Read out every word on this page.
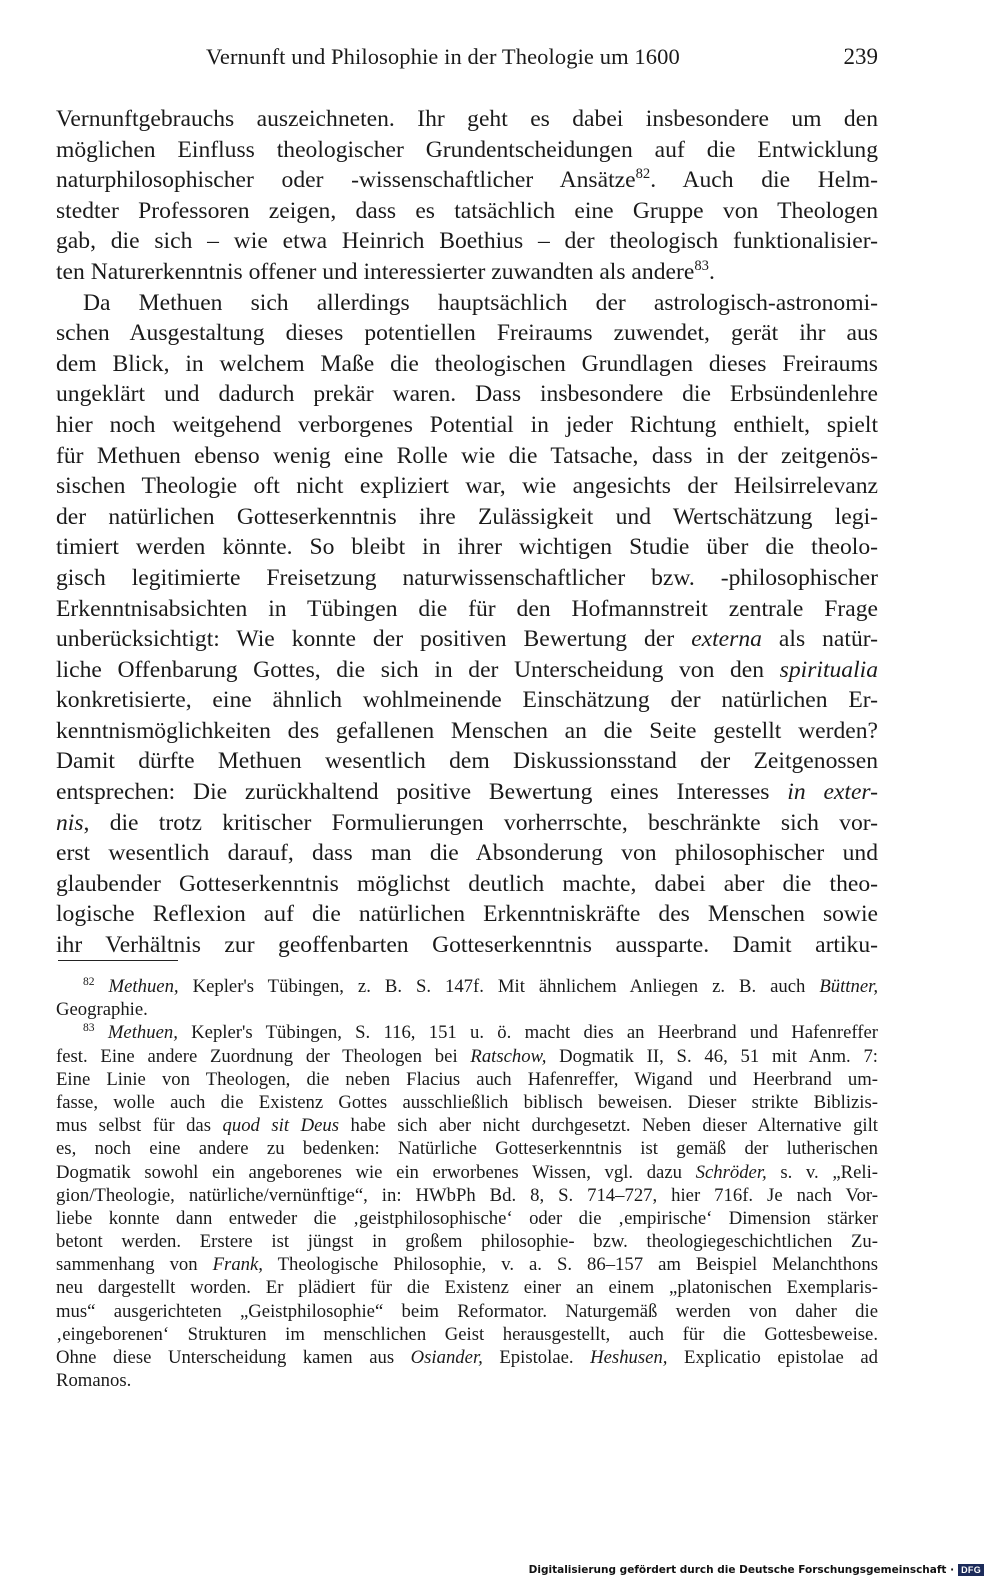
Vernunft und Philosophie in der Theologie um 1600	239
Vernunftgebrauchs auszeichneten. Ihr geht es dabei insbesondere um den
möglichen Einfluss theologischer Grundentscheidungen auf die Entwicklung
naturphilosophischer oder -wissenschaftlicher Ansätze$^{82}$. Auch die Helm-
stedter Professoren zeigen, dass es tatsächlich eine Gruppe von Theologen
gab, die sich – wie etwa Heinrich Boethius – der theologisch funktionalisier-
ten Naturerkenntnis offener und interessierter zuwandten als andere$^{83}$.
Da Methuen sich allerdings hauptsächlich der astrologisch-astronomi-
schen Ausgestaltung dieses potentiellen Freiraums zuwendet, gerät ihr aus
dem Blick, in welchem Maße die theologischen Grundlagen dieses Freiraums
ungeklärt und dadurch prekär waren. Dass insbesondere die Erbsündenlehre
hier noch weitgehend verborgenes Potential in jeder Richtung enthielt, spielt
für Methuen ebenso wenig eine Rolle wie die Tatsache, dass in der zeitgenös-
sischen Theologie oft nicht expliziert war, wie angesichts der Heilsirrelevanz
der natürlichen Gotteserkenntnis ihre Zulässigkeit und Wertschätzung legi-
timiert werden könnte. So bleibt in ihrer wichtigen Studie über die theolo-
gisch legitimierte Freisetzung naturwissenschaftlicher bzw. -philosophischer
Erkenntnisabsichten in Tübingen die für den Hofmannstreit zentrale Frage
unberücksichtigt: Wie konnte der positiven Bewertung der externa als natür-
liche Offenbarung Gottes, die sich in der Unterscheidung von den spiritualia
konkretisierte, eine ähnlich wohlmeinende Einschätzung der natürlichen Er-
kenntnismöglichkeiten des gefallenen Menschen an die Seite gestellt werden?
Damit dürfte Methuen wesentlich dem Diskussionsstand der Zeitgenossen
entsprechen: Die zurückhaltend positive Bewertung eines Interesses in exter-
nis, die trotz kritischer Formulierungen vorherrschte, beschränkte sich vor-
erst wesentlich darauf, dass man die Absonderung von philosophischer und
glaubender Gotteserkenntnis möglichst deutlich machte, dabei aber die theo-
logische Reflexion auf die natürlichen Erkenntniskräfte des Menschen sowie
ihr Verhältnis zur geoffenbarten Gotteserkenntnis aussparte. Damit artiku-
$^{82}$ Methuen, Kepler's Tübingen, z. B. S. 147f. Mit ähnlichem Anliegen z. B. auch Büttner,
Geographie.
$^{83}$ Methuen, Kepler's Tübingen, S. 116, 151 u. ö. macht dies an Heerbrand und Hafenreffer
fest. Eine andere Zuordnung der Theologen bei Ratschow, Dogmatik II, S. 46, 51 mit Anm. 7:
Eine Linie von Theologen, die neben Flacius auch Hafenreffer, Wigand und Heerbrand um-
fasse, wolle auch die Existenz Gottes ausschließlich biblisch beweisen. Dieser strikte Biblizis-
mus selbst für das quod sit Deus habe sich aber nicht durchgesetzt. Neben dieser Alternative gilt
es, noch eine andere zu bedenken: Natürliche Gotteserkenntnis ist gemäß der lutherischen
Dogmatik sowohl ein angeborenes wie ein erworbenes Wissen, vgl. dazu Schröder, s. v. „Reli-
gion/Theologie, natürliche/vernünftige“, in: HWbPh Bd. 8, S. 714–727, hier 716f. Je nach Vor-
liebe konnte dann entweder die ‚geistphilosophische‘ oder die ‚empirische‘ Dimension stärker
betont werden. Erstere ist jüngst in großem philosophie- bzw. theologiegeschichtlichen Zu-
sammenhang von Frank, Theologische Philosophie, v. a. S. 86–157 am Beispiel Melanchthons
neu dargestellt worden. Er plädiert für die Existenz einer an einem „platonischen Exemplaris-
mus“ ausgerichteten „Geistphilosophie“ beim Reformator. Naturgemäß werden von daher die
‚eingeborenen‘ Strukturen im menschlichen Geist herausgestellt, auch für die Gottesbeweise.
Ohne diese Unterscheidung kamen aus Osiander, Epistolae. Heshusen, Explicatio epistolae ad
Romanos.
Digitalisierung gefördert durch die Deutsche Forschungsgemeinschaft · DFG
